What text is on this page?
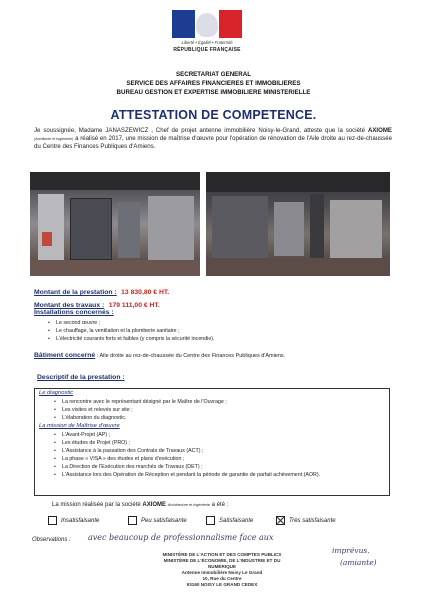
Liberté • Égalité • Fraternité
RÉPUBLIQUE FRANÇAISE
SECRETARIAT GENERAL
SERVICE DES AFFAIRES FINANCIERES ET IMMOBILIERES
BUREAU GESTION ET EXPERTISE IMMOBILIERE MINISTERIELLE
ATTESTATION DE COMPETENCE.
Je soussignée, Madame JANASZEWICZ , Chef de projet antenne immobilière Noisy-le-Grand, atteste que la société AXIOME (Architecte et Ingénierie) a réalisé en 2017, une mission de maîtrise d'œuvre pour l'opération de rénovation de l'Aile droite au rez-de-chaussée du Centre des Finances Publiques d'Amiens.
Montant de la prestation : 13 830,80 € HT.
Montant des travaux : 179 111,00 € HT.
Installations concernés :
• Le second œuvre ;
• Le chauffage, la ventilation et la plomberie sanitaire ;
• L'électricité courants forts et faibles (y compris la sécurité incendie).
Bâtiment concerné : Aile droite au rez-de-chaussée du Centre des Finances Publiques d'Amiens.
Descriptif de la prestation :
Le diagnostic
• La rencontre avec le représentant désigné par le Maître de l'Ouvrage ;
• Les visites et relevés sur site ;
• L'élaboration du diagnostic.
La mission de Maîtrise d'œuvre
• L'Avant-Projet (AP) ;
• Les études de Projet (PRO) ;
• L'Assistance à la passation des Contrats de Travaux (ACT) ;
• La phase « VISA » des études et plans d'exécution ;
• La Direction de l'Exécution des marchés de Travaux (DET) ;
• L'Assistance lors des Opération de Réception et pendant la période de garantie de parfait achèvement (AOR).
La mission réalisée par la société AXIOME Architecture et Ingénierie a été :
Insatisfaisante	Peu satisfaisante	Satisfaisante	Très satisfaisante
Observations : avec beaucoup de professionnalisme face aux
imprévus.
(amiante)
MINISTÈRE DE L'ACTION ET DES COMPTES PUBLICS
MINISTÈRE DE L'ÉCONOMIE, DE L'INDUSTRIE ET DU NUMÉRIQUE
Antenne Immobilière Noisy Le Grand
10, Rue du Centre
93160 NOISY LE GRAND CEDEX
